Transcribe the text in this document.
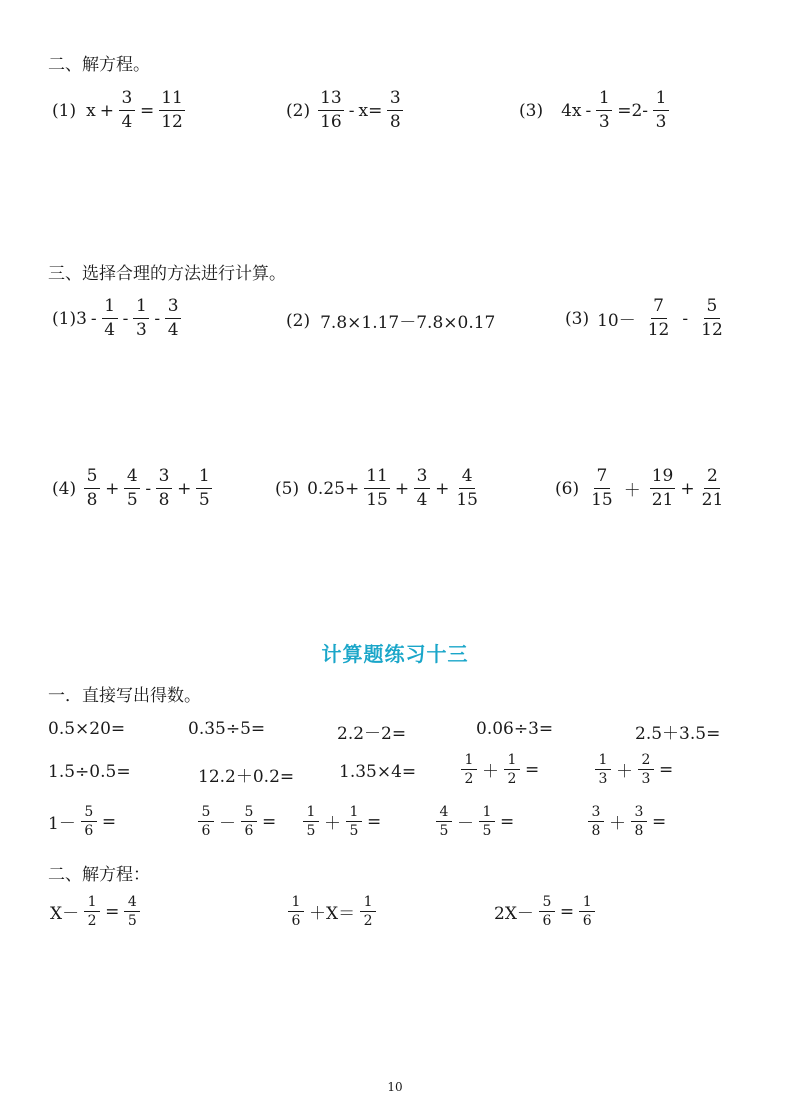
二、解方程。
(1) $x + \frac{3}{4} = \frac{11}{12}$	$(2) \frac{13}{16} - x= \frac{3}{8}$	(3) $4x - \frac{1}{3} =2- \frac{1}{3}$
三、选择合理的方法进行计算。
$(1)3 - \frac{1}{4} - \frac{1}{3} - \frac{3}{4}$	(2) 7.8×1.17－7.8×0.17	(3) $10- \frac{7}{12} - \frac{5}{12}$
$(4) \frac{5}{8} + \frac{4}{5} - \frac{3}{8} + \frac{1}{5}$	(5) $0.25+ \frac{11}{15} + \frac{3}{4} + \frac{4}{15}$	$(6) \frac{7}{15} + \frac{19}{21} + \frac{2}{21}$
计算题练习十三
一．直接写出得数。
0.5×20=	0.35÷5=	2.2－2=	0.06÷3=	2.5＋3.5=
1.5÷0.5=	12.2＋0.2=	1.35×4=	$\frac{1}{2} + \frac{1}{2}$ =	$\frac{1}{3} + \frac{2}{3}$ =
$1- \frac{5}{6}$ =	$\frac{5}{6} - \frac{5}{6} = \frac{1}{5} + \frac{1}{5}$ =	$\frac{4}{5} - \frac{1}{5}$ =	$\frac{3}{8} + \frac{3}{8}$ =
二、解方程：
$X- \frac{1}{2} = \frac{4}{5}$	$\frac{1}{6} +X= \frac{1}{2}$	$2X- \frac{5}{6} = \frac{1}{6}$
10
